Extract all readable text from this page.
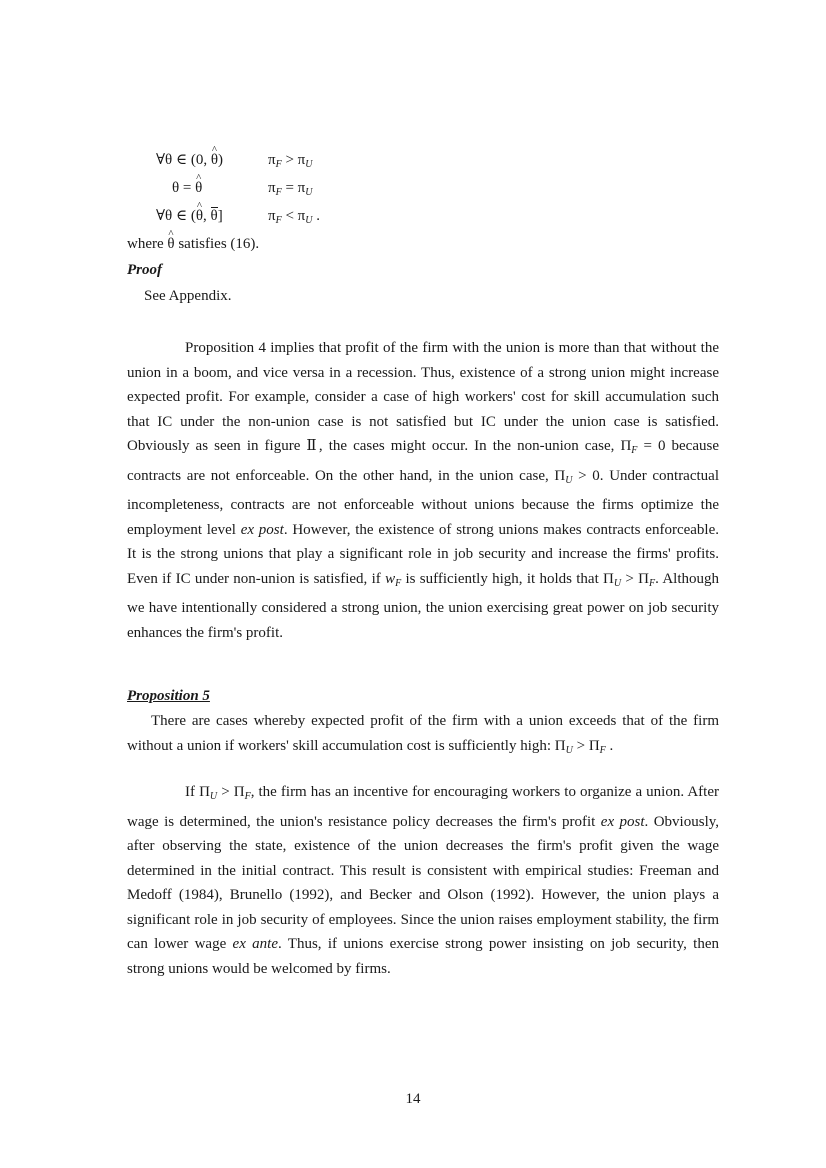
∀θ ∈ (0, ^ θ)	$\pi_F > \pi_U$
θ = ^ θ	$\pi_F = \pi_U$
∀θ ∈ (^ θ, θ]	$\pi_F < \pi_U$ .
where ^ θ satisfies (16).
Proof
See Appendix.
Proposition 4 implies that profit of the firm with the union is more than that without the union in a boom, and vice versa in a recession. Thus, existence of a strong union might increase expected profit. For example, consider a case of high workers' cost for skill accumulation such that IC under the non-union case is not satisfied but IC under the union case is satisfied. Obviously as seen in figure Ⅱ, the cases might occur. In the non-union case, $\Pi_F = 0$ because contracts are not enforceable. On the other hand, in the union case, $\Pi_U > 0$. Under contractual incompleteness, contracts are not enforceable without unions because the firms optimize the employment level ex post. However, the existence of strong unions makes contracts enforceable. It is the strong unions that play a significant role in job security and increase the firms' profits. Even if IC under non-union is satisfied, if $w_F$ is sufficiently high, it holds that $\Pi_U > \Pi_F$. Although we have intentionally considered a strong union, the union exercising great power on job security enhances the firm's profit.
Proposition 5
There are cases whereby expected profit of the firm with a union exceeds that of the firm without a union if workers' skill accumulation cost is sufficiently high: $\Pi_U > \Pi_F$ .
If $\Pi_U > \Pi_F$, the firm has an incentive for encouraging workers to organize a union. After wage is determined, the union's resistance policy decreases the firm's profit ex post. Obviously, after observing the state, existence of the union decreases the firm's profit given the wage determined in the initial contract. This result is consistent with empirical studies: Freeman and Medoff (1984), Brunello (1992), and Becker and Olson (1992). However, the union plays a significant role in job security of employees. Since the union raises employment stability, the firm can lower wage ex ante. Thus, if unions exercise strong power insisting on job security, then strong unions would be welcomed by firms.
14
